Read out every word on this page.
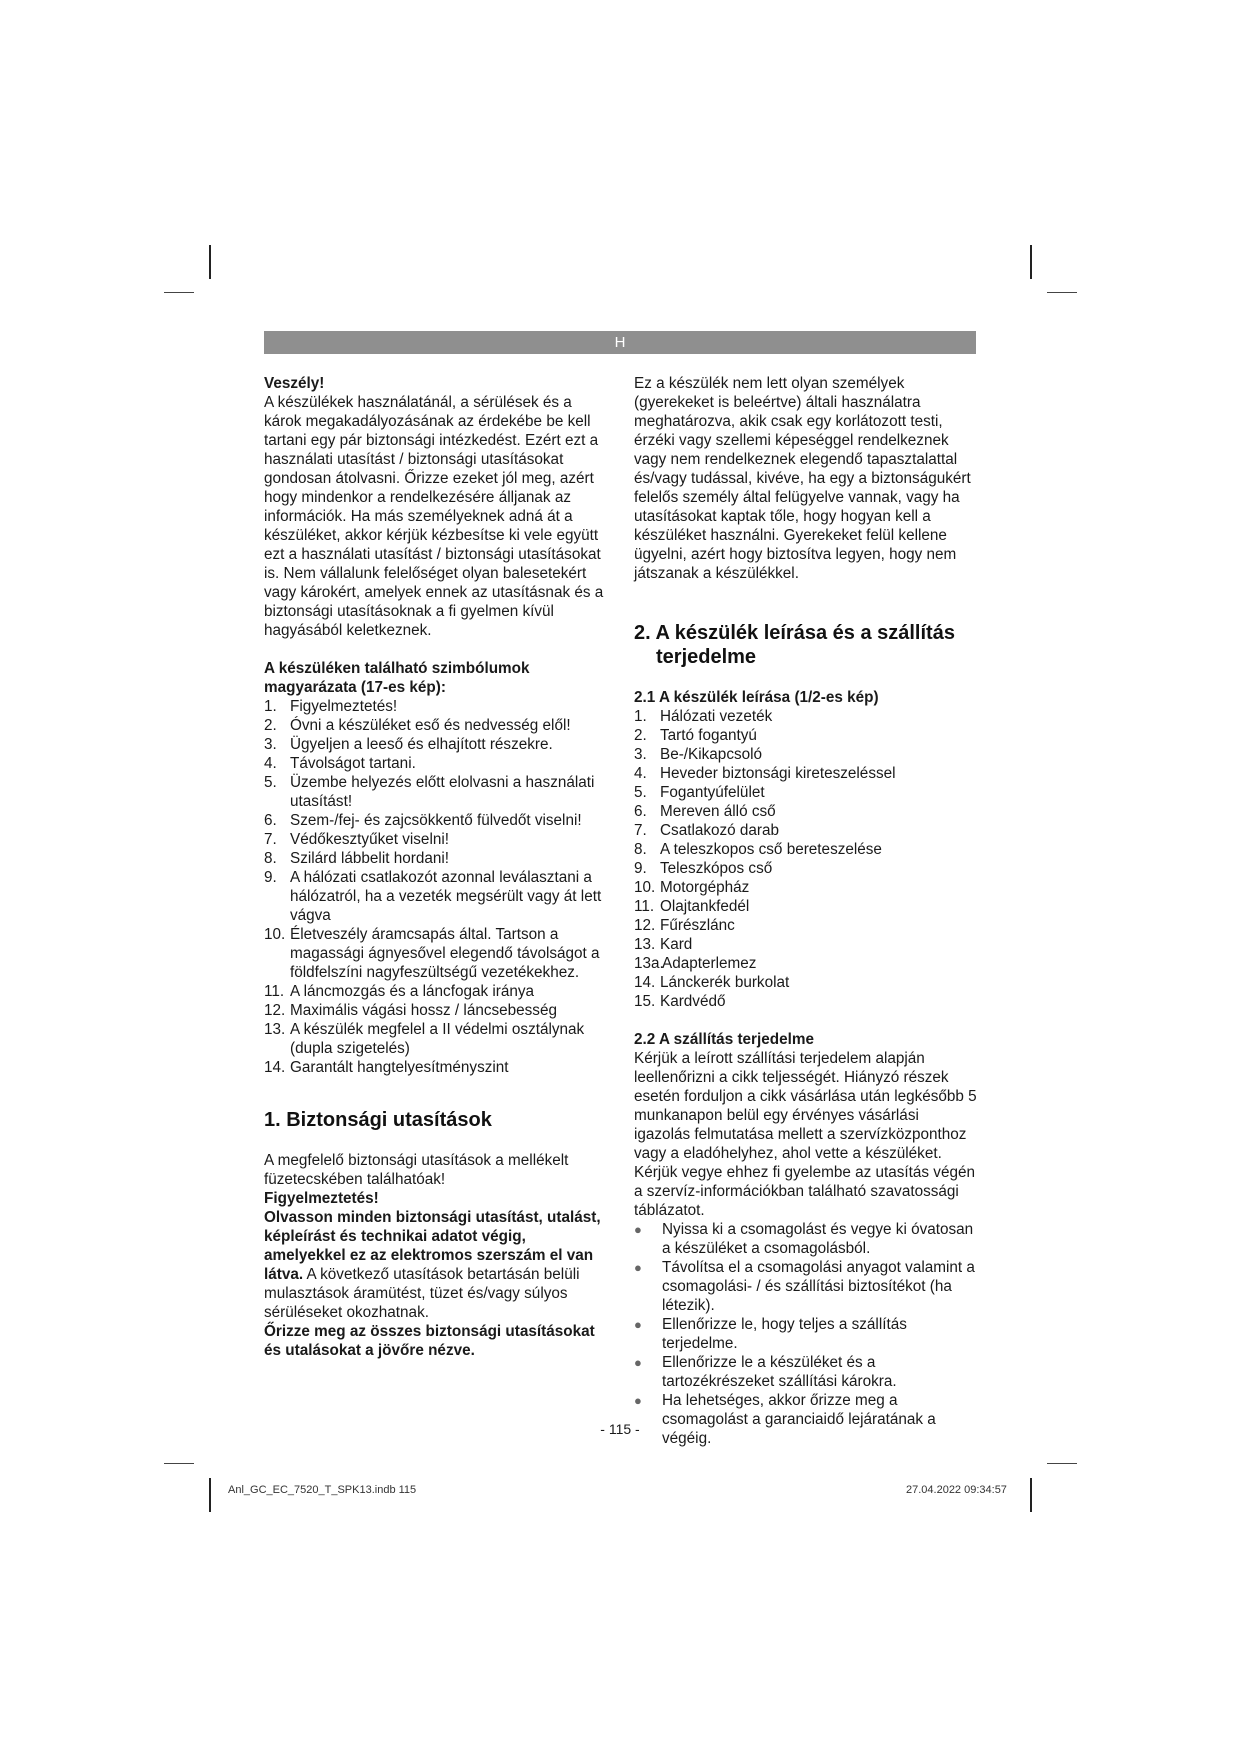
H

Veszély!

A készülékek használatánál, a sérülések és a károk megakadályozásának az érdekébe be kell tartani egy pár biztonsági intézkedést. Ezért ezt a használati utasítást / biztonsági utasításokat gondosan átolvasni. Őrizze ezeket jól meg, azért hogy mindenkor a rendelkezésére álljanak az információk. Ha más személyeknek adná át a készüléket, akkor kérjük kézbesítse ki vele együtt ezt a használati utasítást / biztonsági utasításokat is. Nem vállalunk felelőséget olyan balesetekért vagy károkért, amelyek ennek az utasításnak és a biztonsági utasításoknak a fi gyelmen kívül hagyásából keletkeznek.

A készüléken található szimbólumok magyarázata (17-es kép):

1. Figyelmeztetés!
2. Óvni a készüléket eső és nedvesség elől!
3. Ügyeljen a leeső és elhajított részekre.
4. Távolságot tartani.
5. Üzembe helyezés előtt elolvasni a használati utasítást!
6. Szem-/fej- és zajcsökkentő fülvedőt viselni!
7. Védőkesztyűket viselni!
8. Szilárd lábbelit hordani!
9. A hálózati csatlakozót azonnal leválasztani a hálózatról, ha a vezeték megsérült vagy át lett vágva
10. Életveszély áramcsapás által. Tartson a magassági ágnyesővel elegendő távolságot a földfelszíni nagyfeszültségű vezetékekhez.
11. A láncmozgás és a láncfogak iránya
12. Maximális vágási hossz / láncsebesség
13. A készülék megfelel a II védelmi osztálynak (dupla szigetelés)
14. Garantált hangtelyesítményszint
1. Biztonsági utasítások

A megfelelő biztonsági utasítások a mellékelt füzetecskében találhatóak!

Figyelmeztetés!

Olvasson minden biztonsági utasítást, utalást, képleírást és technikai adatot végig, amelyekkel ez az elektromos szerszám el van látva. A következő utasítások betartásán belüli mulasztások áramütést, tüzet és/vagy súlyos sérüléseket okozhatnak.

Őrizze meg az összes biztonsági utasításokat és utalásokat a jövőre nézve.

Ez a készülék nem lett olyan személyek (gyerekeket is beleértve) általi használatra meghatározva, akik csak egy korlátozott testi, érzéki vagy szellemi képeséggel rendelkeznek vagy nem rendelkeznek elegendő tapasztalattal és/vagy tudással, kivéve, ha egy a biztonságukért felelős személy által felügyelve vannak, vagy ha utasításokat kaptak tőle, hogy hogyan kell a készüléket használni. Gyerekeket felül kellene ügyelni, azért hogy biztosítva legyen, hogy nem játszanak a készülékkel.

2. A készülék leírása és a szállítás terjedelme

2.1 A készülék leírása (1/2-es kép)

1. Hálózati vezeték
2. Tartó fogantyú
3. Be-/Kikapcsoló
4. Heveder biztonsági kireteszeléssel
5. Fogantyúfelület
6. Mereven álló cső
7. Csatlakozó darab
8. A teleszkopos cső bereteszelése
9. Teleszkópos cső
10. Motorgépház
11. Olajtankfedél
12. Fűrészlánc
13. Kard
13a.
Adapterlemez
14. Lánckerék burkolat
15. Kardvédő

2.2 A szállítás terjedelme

Kérjük a leírott szállítási terjedelem alapján leellenőrizni a cikk teljességét. Hiányzó részek esetén forduljon a cikk vásárlása után legkésőbb 5 munkanapon belül egy érvényes vásárlási igazolás felmutatása mellett a szervízközponthoz vagy a eladóhelyhez, ahol vette a készüléket. Kérjük vegye ehhez fi gyelembe az utasítás végén a szervíz-információkban található szavatossági táblázatot.

●	Nyissa ki a csomagolást és vegye ki óvatosan a készüléket a csomagolásból.
●	Távolítsa el a csomagolási anyagot valamint a csomagolási- / és szállítási biztosítékot (ha létezik).
●	Ellenőrizze le, hogy teljes a szállítás terjedelme.
●	Ellenőrizze le a készüléket és a tartozékrészeket szállítási károkra.
●	Ha lehetséges, akkor őrizze meg a csomagolást a garanciaidő lejáratának a végéig.
- 115 -
Anl_GC_EC_7520_T_SPK13.indb 115	27.04.2022 09:34:57
